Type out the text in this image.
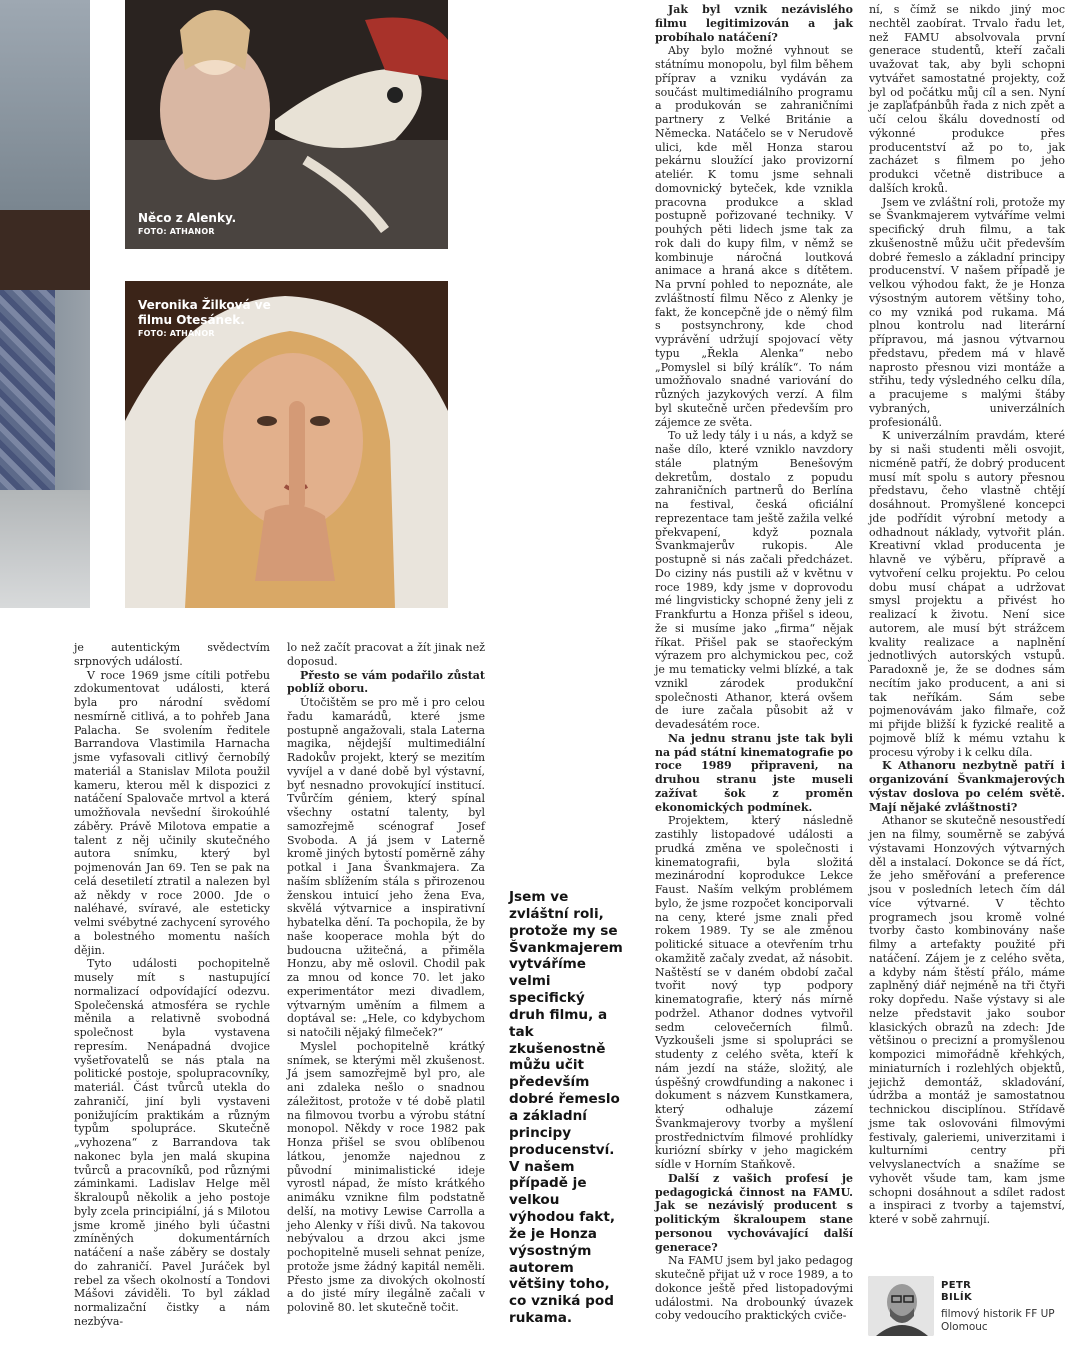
Něco z Alenky.
FOTO: ATHANOR
Veronika Žilková ve
filmu Otesánek.
FOTO: ATHANOR

je autentickým svědectvím srpnových událostí.

V roce 1969 jsme cítili potřebu zdokumentovat události, která byla pro národní svědomí nesmírně citlivá, a to pohřeb Jana Palacha. Se svolením ředitele Barrandova Vlastimila Harnacha jsme vyfasovali citlivý černobílý materiál a Stanislav Milota použil kameru, kterou měl k dispozici z natáčení Spalovače mrtvol a která umožňovala nevšední širokoúhlé záběry. Právě Milotova empatie a talent z něj učinily skutečného autora snímku, který byl pojmenován Jan 69. Ten se pak na celá desetiletí ztratil a nalezen byl až někdy v roce 2000. Jde o naléhavé, svíravé, ale esteticky velmi svébytné zachycení syrového a bolestného momentu naších dějin.

Tyto události pochopitelně musely mít s nastupující normalizací odpovídající odezvu. Společenská atmosféra se rychle měnila a relativně svobodná společnost byla vystavena represím. Nenápadná dvojice vyšetřovatelů se nás ptala na politické postoje, spolupracovníky, materiál. Část tvůrců utekla do zahraničí, jiní byli vystaveni ponižujícím praktikám a různým typům spolupráce. Skutečně „vyhozena“ z Barrandova tak nakonec byla jen malá skupina tvůrců a pracovníků, pod různými záminkami. Ladislav Helge měl škraloupů několik a jeho postoje byly zcela principiální, já s Milotou jsme kromě jiného byli účastni zmíněných dokumentárních natáčení a naše záběry se dostaly do zahraničí. Pavel Juráček byl rebel za všech okolností a Tondovi Mášovi záviděli. To byl základ normalizační čistky a nám nezbýva-

lo než začít pracovat a žít jinak než doposud.

Přesto se vám podařilo zůstat poblíž oboru.

Útočištěm se pro mě i pro celou řadu kamarádů, které jsme postupně angažovali, stala Laterna magika, nějdejší multimediální Radokův projekt, který se mezitím vyvíjel a v dané době byl výstavní, byť nesnadno provokující institucí. Tvůrčím géniem, který spínal všechny ostatní talenty, byl samozřejmě scénograf Josef Svoboda. A já jsem v Laterně kromě jiných bytostí poměrně záhy potkal i Jana Švankmajera. Za naším sblížením stála s přirozenou ženskou intuicí jeho žena Eva, skvělá výtvarnice a inspirativní hybatelka dění. Ta pochopila, že by naše kooperace mohla být do budoucna užitečná, a přiměla Honzu, aby mě oslovil. Chodil pak za mnou od konce 70. let jako experimentátor mezi divadlem, výtvarným uměním a filmem a doptával se: „Hele, co kdybychom si natočili nějaký filmeček?“

Myslel pochopitelně krátký snímek, se kterými měl zkušenost. Já jsem samozřejmě byl pro, ale ani zdaleka nešlo o snadnou záležitost, protože v té době platil na filmovou tvorbu a výrobu státní monopol. Někdy v roce 1982 pak Honza přišel se svou oblíbenou látkou, jenomže najednou z původní minimalistické ideje vyrostl nápad, že místo krátkého animáku vznikne film podstatně delší, na motivy Lewise Carrolla a jeho Alenky v říši divů. Na takovou nebývalou a drzou akci jsme pochopitelně museli sehnat peníze, protože jsme žádný kapitál neměli. Přesto jsme za divokých okolností a do jisté míry ilegálně začali v polovině 80. let skutečně točit.

Jsem ve zvláštní roli, protože my se Švankmajerem vytváříme velmi specifický druh filmu, a tak zkušenostně můžu učit především dobré řemeslo a základní principy producenství. V našem případě je velkou výhodou fakt, že je Honza výsostným autorem většiny toho, co vzniká pod rukama.

Jak byl vznik nezávislého filmu legitimizován a jak probíhalo natáčení?

Aby bylo možné vyhnout se státnímu monopolu, byl film během příprav a vzniku vydáván za součást multimediálního programu a produkován se zahraničními partnery z Velké Británie a Německa. Natáčelo se v Nerudově ulici, kde měl Honza starou pekárnu sloužící jako provizorní ateliér. K tomu jsme sehnali domovnický byteček, kde vznikla pracovna produkce a sklad postupně pořizované techniky. V pouhých pěti lidech jsme tak za rok dali do kupy film, v němž se kombinuje náročná loutková animace a hraná akce s dítětem. Na první pohled to nepoznáte, ale zvláštností filmu Něco z Alenky je fakt, že koncepčně jde o němý film s postsynchrony, kde chod vyprávění udržují spojovací věty typu „Řekla Alenka“ nebo „Pomyslel si bílý králík“. To nám umožňovalo snadné variování do různých jazykových verzí. A film byl skutečně určen především pro zájemce ze světa.

To už ledy tály i u nás, a když se naše dílo, které vzniklo navzdory stále platným Benešovým dekretům, dostalo z popudu zahraničních partnerů do Berlína na festival, česká oficiální reprezentace tam ještě zažila velké překvapení, když poznala Švankmajerův rukopis. Ale postupně si nás začali předcházet. Do ciziny nás pustili až v květnu v roce 1989, kdy jsme v doprovodu mé lingvisticky schopné ženy jeli z Frankfurtu a Honza přišel s ideou, že si musíme jako „firma“ nějak říkat. Přišel pak se staořeckým výrazem pro alchymickou pec, což je mu tematicky velmi blízké, a tak vznikl zárodek produkční společnosti Athanor, která ovšem de iure začala působit až v devadesátém roce.

Na jednu stranu jste tak byli na pád státní kinematografie po roce 1989 připraveni, na druhou stranu jste museli zažívat šok z proměn ekonomických podmínek.

Projektem, který následně zastihly listopadové události a prudká změna ve společnosti i kinematografii, byla složitá mezinárodní koprodukce Lekce Faust. Naším velkým problémem bylo, že jsme rozpočet konciporvali na ceny, které jsme znali před rokem 1989. Ty se ale změnou politické situace a otevřením trhu okamžitě začaly zvedat, až násobit. Naštěstí se v daném období začal tvořit nový typ podpory kinematografie, který nás mírně podržel. Athanor dodnes vytvořil sedm celovečerních filmů. Vyzkoušeli jsme si spolupráci se studenty z celého světa, kteří k nám jezdí na stáže, složitý, ale úspěšný crowdfunding a nakonec i dokument s názvem Kunstkamera, který odhaluje zázemí Švankmajerovy tvorby a myšlení prostřednictvím filmové prohlídky kuriózní sbírky v jeho magickém sídle v Horním Staňkově.

Další z vašich profesí je pedagogická činnost na FAMU. Jak se nezávislý producent s politickým škraloupem stane personou vychovávající další generace?

Na FAMU jsem byl jako pedagog skutečně přijat už v roce 1989, a to dokonce ještě před listopadovými událostmi. Na drobounký úvazek coby vedoucího praktických cviče-

ní, s čímž se nikdo jiný moc nechtěl zaobírat. Trvalo řadu let, než FAMU absolvovala první generace studentů, kteří začali uvažovat tak, aby byli schopni vytvářet samostatné projekty, což byl od počátku můj cíl a sen. Nyní je zapľaťpánbůh řada z nich zpět a učí celou škálu dovedností od výkonné produkce přes producentství až po to, jak zacházet s filmem po jeho produkci včetně distribuce a dalších kroků.

Jsem ve zvláštní roli, protože my se Švankmajerem vytváříme velmi specifický druh filmu, a tak zkušenostně můžu učit především dobré řemeslo a základní principy producenství. V našem případě je velkou výhodou fakt, že je Honza výsostným autorem většiny toho, co my vzniká pod rukama. Má plnou kontrolu nad literární přípravou, má jasnou výtvarnou představu, předem má v hlavě naprosto přesnou vizi montáže a střihu, tedy výsledného celku díla, a pracujeme s malými štáby vybraných, univerzálních profesionálů.

K univerzálním pravdám, které by si naši studenti měli osvojit, nicméně patří, že dobrý producent musí mít spolu s autory přesnou představu, čeho vlastně chtějí dosáhnout. Promyšlené koncepci jde podřídit výrobní metody a odhadnout náklady, vytvořit plán. Kreativní vklad producenta je hlavně ve výběru, přípravě a vytvoření celku projektu. Po celou dobu musí chápat a udržovat smysl projektu a přivést ho realizací k životu. Není sice autorem, ale musí být strážcem kvality realizace a naplnění jednotlivých autorských vstupů. Paradoxně je, že se dodnes sám necítím jako producent, a ani si tak neříkám. Sám sebe pojmenovávám jako filmaře, což mi přijde bližší k fyzické realitě a pojmově blíž k mému vztahu k procesu výroby i k celku díla.

K Athanoru nezbytně patří i organizování Švankmajerových výstav doslova po celém světě. Mají nějaké zvláštnosti?

Athanor se skutečně nesoustředí jen na filmy, souměrně se zabývá výstavami Honzových výtvarných děl a instalací. Dokonce se dá říct, že jeho směřování a preference jsou v posledních letech čím dál více výtvarné. V těchto programech jsou kromě volné tvorby často kombinovány naše filmy a artefakty použité při natáčení. Zájem je z celého světa, a kdyby nám štěstí přálo, máme zaplněný diář nejméně na tři čtyři roky dopředu. Naše výstavy si ale nelze představit jako soubor klasických obrazů na zdech: Jde většinou o precizní a promyšlenou kompozici mimořádně křehkých, miniaturních i rozlehlých objektů, jejichž demontáž, skladování, údržba a montáž je samostatnou technickou disciplínou. Střídavě jsme tak oslovováni filmovými festivaly, galeriemi, univerzitami i kulturními centry při velvyslanectvích a snažíme se vyhovět všude tam, kam jsme schopni dosáhnout a sdílet radost a inspiraci z tvorby a tajemství, které v sobě zahrnují.

PETR BILÍK
filmový historik FF UP Olomouc
